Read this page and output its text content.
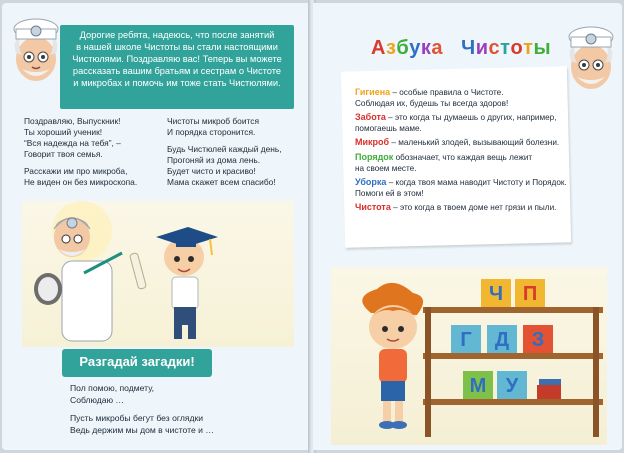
Дорогие ребята, надеюсь, что после занятий
в нашей школе Чистоты вы стали настоящими
Чистюлями. Поздравляю вас! Теперь вы можете
рассказать вашим братьям и сестрам о Чистоте
и микробах и помочь им тоже стать Чистюлями.
Поздравляю, Выпускник!
Ты хороший ученик!
“Вся надежда на тебя”, –
Говорит твоя семья.
Расскажи им про микроба,
Не виден он без микроскопа.
Чистоты микроб боится
И порядка сторонится.
Будь Чистюлей каждый день,
Прогоняй из дома лень.
Будет чисто и красиво!
Мама скажет всем спасибо!
Разгадай загадки!
Пол помою, подмету,
Соблюдаю …
Пусть микробы бегут без оглядки
Ведь держим мы дом в чистоте и …
Азбука Чистоты
Гигиена – особые правила о Чистоте.
Соблюдая их, будешь ты всегда здоров!
Забота – это когда ты думаешь о других, например,
помогаешь маме.
Микроб – маленький злодей, вызывающий болезни.
Порядок обозначает, что каждая вещь лежит
на своем месте.
Уборка – когда твоя мама наводит Чистоту и Порядок.
Помоги ей в этом!
Чистота – это когда в твоем доме нет грязи и пыли.
Ч П
Г Д З
М У
